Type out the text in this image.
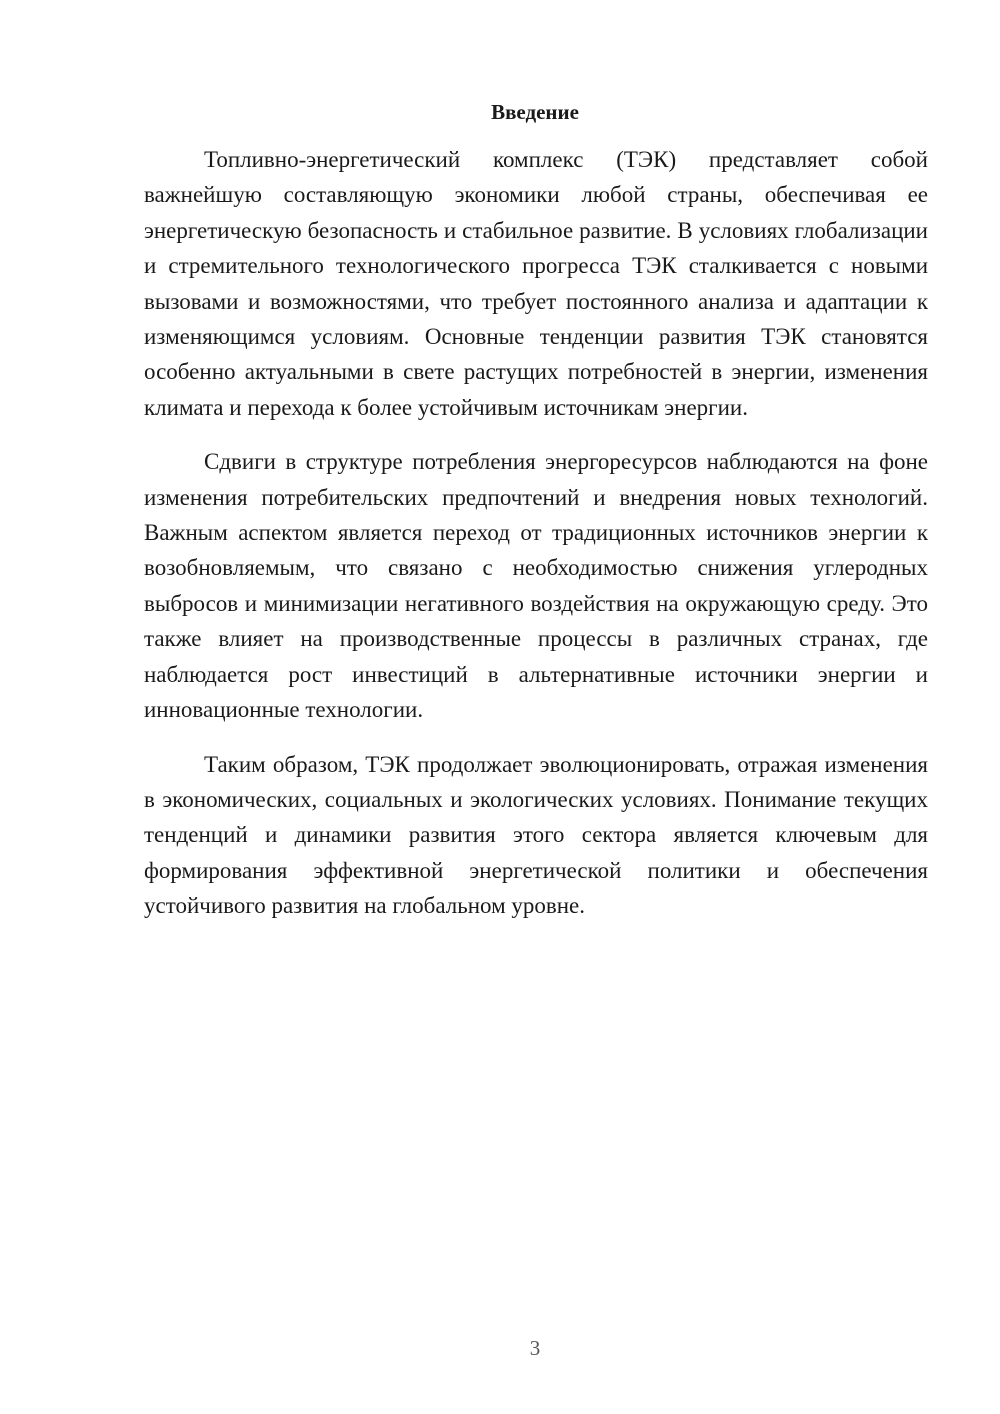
Введение

Топливно-энергетический комплекс (ТЭК) представляет собой важнейшую составляющую экономики любой страны, обеспечивая ее энергетическую безопасность и стабильное развитие. В условиях глобализации и стремительного технологического прогресса ТЭК сталкивается с новыми вызовами и возможностями, что требует постоянного анализа и адаптации к изменяющимся условиям. Основные тенденции развития ТЭК становятся особенно актуальными в свете растущих потребностей в энергии, изменения климата и перехода к более устойчивым источникам энергии.

Сдвиги в структуре потребления энергоресурсов наблюдаются на фоне изменения потребительских предпочтений и внедрения новых технологий. Важным аспектом является переход от традиционных источников энергии к возобновляемым, что связано с необходимостью снижения углеродных выбросов и минимизации негативного воздействия на окружающую среду. Это также влияет на производственные процессы в различных странах, где наблюдается рост инвестиций в альтернативные источники энергии и инновационные технологии.

Таким образом, ТЭК продолжает эволюционировать, отражая изменения в экономических, социальных и экологических условиях. Понимание текущих тенденций и динамики развития этого сектора является ключевым для формирования эффективной энергетической политики и обеспечения устойчивого развития на глобальном уровне.

3
